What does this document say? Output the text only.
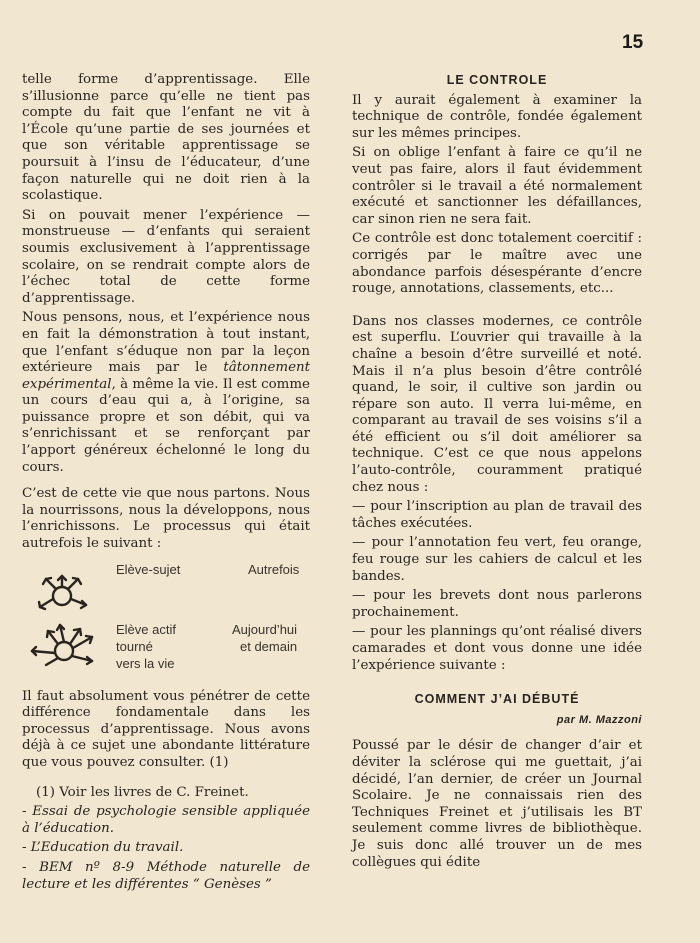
15

telle forme d’apprentissage. Elle s’illusionne parce qu’elle ne tient pas compte du fait que l’enfant ne vit à l’École qu’une partie de ses journées et que son véritable apprentissage se poursuit à l’insu de l’éducateur, d’une façon naturelle qui ne doit rien à la scolastique.

Si on pouvait mener l’expérience — monstrueuse — d’enfants qui seraient soumis exclusivement à l’apprentissage scolaire, on se rendrait compte alors de l’échec total de cette forme d’apprentissage.

Nous pensons, nous, et l’expérience nous en fait la démonstration à tout instant, que l’enfant s’éduque non par la leçon extérieure mais par le tâtonnement expérimental, à même la vie. Il est comme un cours d’eau qui a, à l’origine, sa puissance propre et son débit, qui va s’enrichissant et se renforçant par l’apport généreux échelonné le long du cours.

C’est de cette vie que nous partons. Nous la nourrissons, nous la développons, nous l’enrichissons. Le processus qui était autrefois le suivant :

Elève-sujet	Autrefois
Elève actif
tourné
vers la vie
Aujourd’hui
et demain

Il faut absolument vous pénétrer de cette différence fondamentale dans les processus d’apprentissage. Nous avons déjà à ce sujet une abondante littérature que vous pouvez consulter. (1)

(1) Voir les livres de C. Freinet.

- Essai de psychologie sensible appliquée à l’éducation.

- L’Education du travail.

- BEM nº 8-9 Méthode naturelle de lecture et les différentes “ Genèses ”

LE CONTROLE

Il y aurait également à examiner la technique de contrôle, fondée également sur les mêmes principes.

Si on oblige l’enfant à faire ce qu’il ne veut pas faire, alors il faut évidemment contrôler si le travail a été normalement exécuté et sanctionner les défaillances, car sinon rien ne sera fait.

Ce contrôle est donc totalement coercitif : corrigés par le maître avec une abondance parfois désespérante d’encre rouge, annotations, classements, etc...

Dans nos classes modernes, ce contrôle est superflu. L’ouvrier qui travaille à la chaîne a besoin d’être surveillé et noté. Mais il n’a plus besoin d’être contrôlé quand, le soir, il cultive son jardin ou répare son auto. Il verra lui-même, en comparant au travail de ses voisins s’il a été efficient ou s’il doit améliorer sa technique. C’est ce que nous appelons l’auto-contrôle, couramment pratiqué chez nous :

— pour l’inscription au plan de travail des tâches exécutées.

— pour l’annotation feu vert, feu orange, feu rouge sur les cahiers de calcul et les bandes.

— pour les brevets dont nous parlerons prochainement.

— pour les plannings qu’ont réalisé divers camarades et dont vous donne une idée l’expérience suivante :

COMMENT J’AI DÉBUTÉ
par M. Mazzoni

Poussé par le désir de changer d’air et déviter la sclérose qui me guettait, j’ai décidé, l’an dernier, de créer un Journal Scolaire. Je ne connaissais rien des Techniques Freinet et j’utilisais les BT seulement comme livres de bibliothèque. Je suis donc allé trouver un de mes collègues qui édite
